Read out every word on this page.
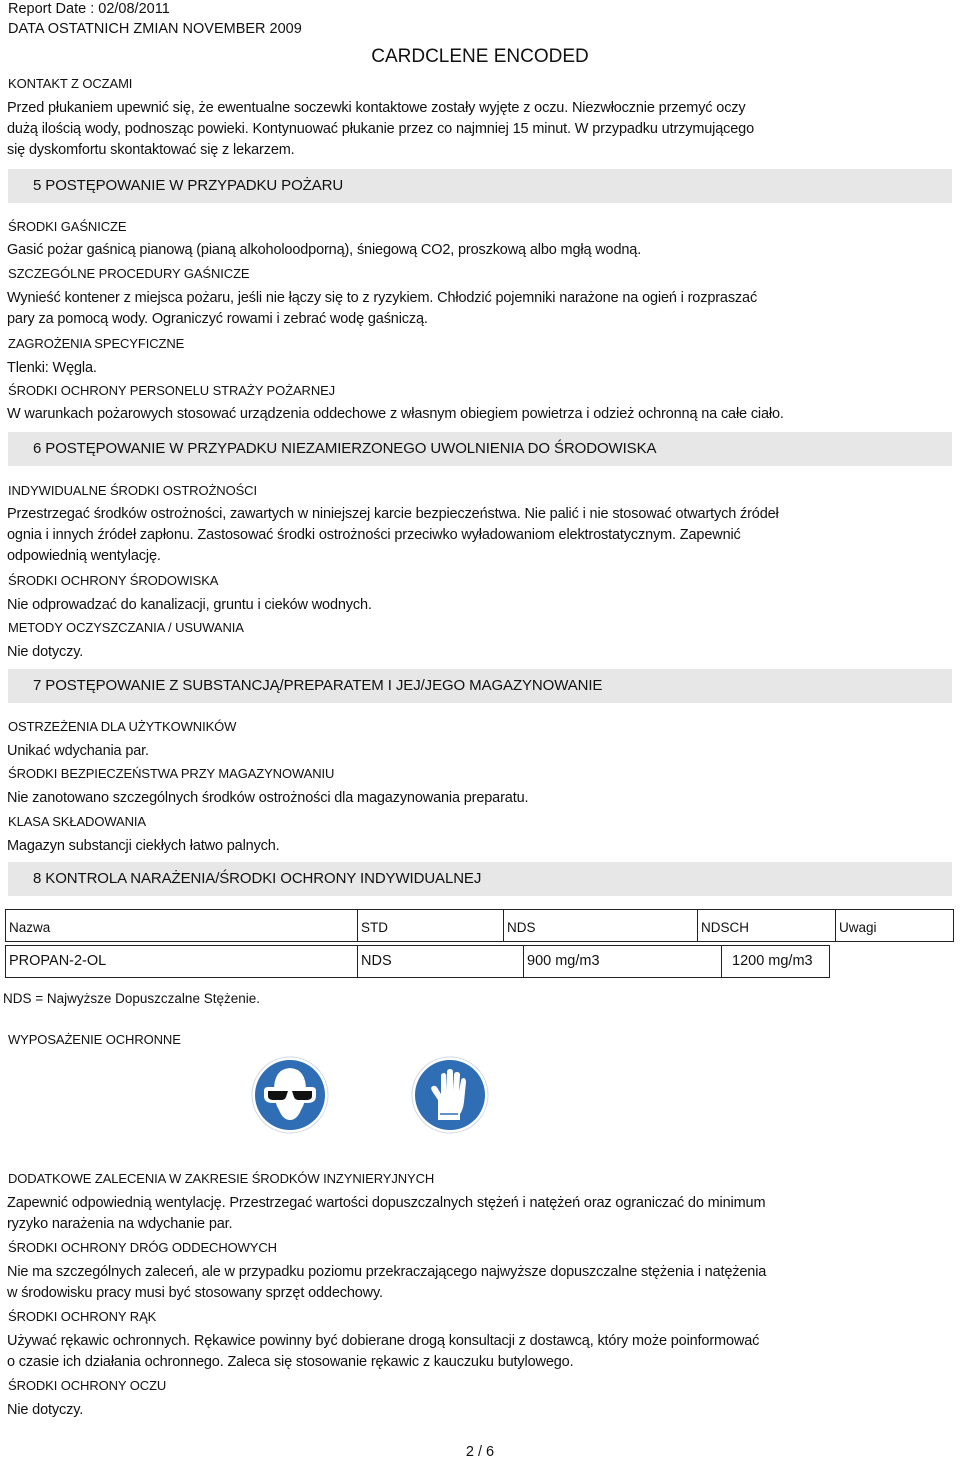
Report Date : 02/08/2011
DATA OSTATNICH ZMIAN NOVEMBER 2009
CARDCLENE ENCODED
KONTAKT Z OCZAMI
Przed płukaniem upewnić się, że ewentualne soczewki kontaktowe zostały wyjęte z oczu. Niezwłocznie przemyć oczy
dużą ilością wody, podnosząc powieki. Kontynuować płukanie przez co najmniej 15 minut. W przypadku utrzymującego
się dyskomfortu skontaktować się z lekarzem.
5 POSTĘPOWANIE W PRZYPADKU POŻARU
ŚRODKI GAŚNICZE
Gasić pożar gaśnicą pianową (pianą alkoholoodporną), śniegową CO2, proszkową albo mgłą wodną.
SZCZEGÓLNE PROCEDURY GAŚNICZE
Wynieść kontener z miejsca pożaru, jeśli nie łączy się to z ryzykiem. Chłodzić pojemniki narażone na ogień i rozpraszać
pary za pomocą wody. Ograniczyć rowami i zebrać wodę gaśniczą.
ZAGROŻENIA SPECYFICZNE
Tlenki: Węgla.
ŚRODKI OCHRONY PERSONELU STRAŻY POŻARNEJ
W warunkach pożarowych stosować urządzenia oddechowe z własnym obiegiem powietrza i odzież ochronną na całe ciało.
6 POSTĘPOWANIE W PRZYPADKU NIEZAMIERZONEGO UWOLNIENIA DO ŚRODOWISKA
INDYWIDUALNE ŚRODKI OSTROŻNOŚCI
Przestrzegać środków ostrożności, zawartych w niniejszej karcie bezpieczeństwa. Nie palić i nie stosować otwartych źródeł
ognia i innych źródeł zapłonu. Zastosować środki ostrożności przeciwko wyładowaniom elektrostatycznym. Zapewnić
odpowiednią wentylację.
ŚRODKI OCHRONY ŚRODOWISKA
Nie odprowadzać do kanalizacji, gruntu i cieków wodnych.
METODY OCZYSZCZANIA / USUWANIA
Nie dotyczy.
7 POSTĘPOWANIE Z SUBSTANCJĄ/PREPARATEM I JEJ/JEGO MAGAZYNOWANIE
OSTRZEŻENIA DLA UŻYTKOWNIKÓW
Unikać wdychania par.
ŚRODKI BEZPIECZEŃSTWA PRZY MAGAZYNOWANIU
Nie zanotowano szczególnych środków ostrożności dla magazynowania preparatu.
KLASA SKŁADOWANIA
Magazyn substancji ciekłych łatwo palnych.
8 KONTROLA NARAŻENIA/ŚRODKI OCHRONY INDYWIDUALNEJ
Nazwa	STD	NDS	NDSCH	Uwagi
PROPAN-2-OL	NDS	900 mg/m3	1200 mg/m3
NDS = Najwyższe Dopuszczalne Stężenie.
WYPOSAŻENIE OCHRONNE
DODATKOWE ZALECENIA W ZAKRESIE ŚRODKÓW INZYNIERYJNYCH
Zapewnić odpowiednią wentylację. Przestrzegać wartości dopuszczalnych stężeń i natężeń oraz ograniczać do minimum
ryzyko narażenia na wdychanie par.
ŚRODKI OCHRONY DRÓG ODDECHOWYCH
Nie ma szczególnych zaleceń, ale w przypadku poziomu przekraczającego najwyższe dopuszczalne stężenia i natężenia
w środowisku pracy musi być stosowany sprzęt oddechowy.
ŚRODKI OCHRONY RĄK
Używać rękawic ochronnych. Rękawice powinny być dobierane drogą konsultacji z dostawcą, który może poinformować
o czasie ich działania ochronnego. Zaleca się stosowanie rękawic z kauczuku butylowego.
ŚRODKI OCHRONY OCZU
Nie dotyczy.
2 / 6
